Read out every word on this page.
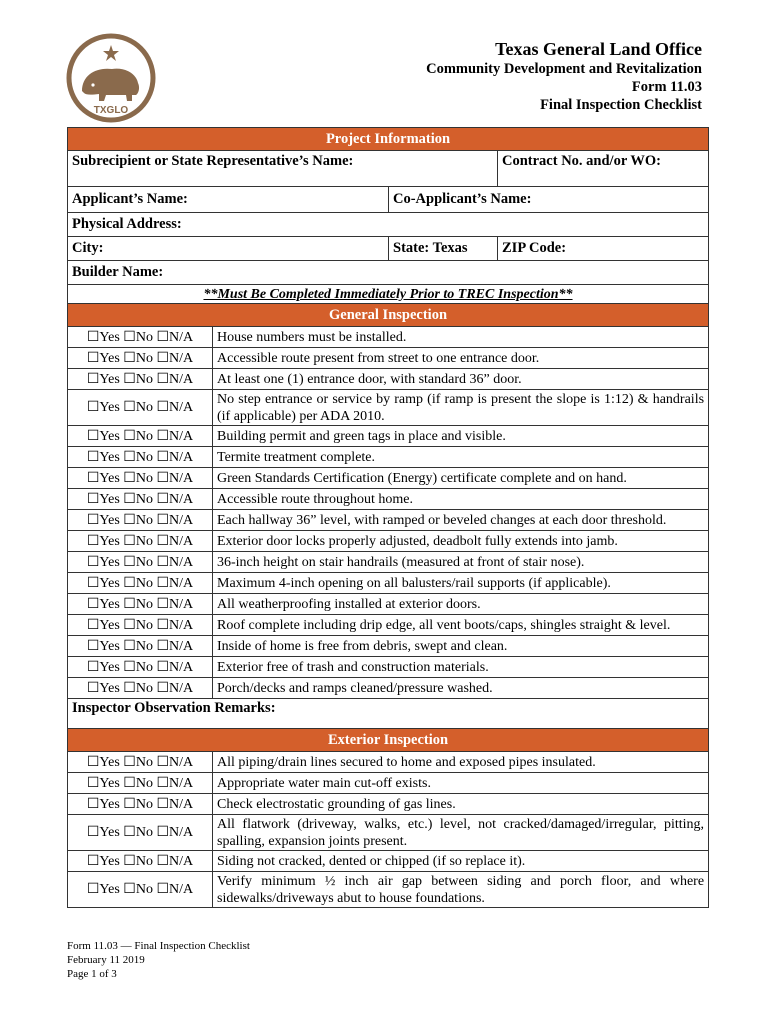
TXGLO
Texas General Land Office
Community Development and Revitalization
Form 11.03
Final Inspection Checklist
Project Information			
Subrecipient or State Representative’s Name:			Contract No. and/or WO:
Applicant’s Name:		Co-Applicant’s Name:	
Physical Address:			
City:		State: Texas	ZIP Code:
Builder Name:			
**Must Be Completed Immediately Prior to TREC Inspection**			
General Inspection			
☐Yes ☐No ☐N/A	House numbers must be installed.		
☐Yes ☐No ☐N/A	Accessible route present from street to one entrance door.		
☐Yes ☐No ☐N/A	At least one (1) entrance door, with standard 36” door.		
☐Yes ☐No ☐N/A	No step entrance or service by ramp (if ramp is present the slope is 1:12) & handrails (if applicable) per ADA 2010.		
☐Yes ☐No ☐N/A	Building permit and green tags in place and visible.		
☐Yes ☐No ☐N/A	Termite treatment complete.		
☐Yes ☐No ☐N/A	Green Standards Certification (Energy) certificate complete and on hand.		
☐Yes ☐No ☐N/A	Accessible route throughout home.		
☐Yes ☐No ☐N/A	Each hallway 36” level, with ramped or beveled changes at each door threshold.		
☐Yes ☐No ☐N/A	Exterior door locks properly adjusted, deadbolt fully extends into jamb.		
☐Yes ☐No ☐N/A	36-inch height on stair handrails (measured at front of stair nose).		
☐Yes ☐No ☐N/A	Maximum 4-inch opening on all balusters/rail supports (if applicable).		
☐Yes ☐No ☐N/A	All weatherproofing installed at exterior doors.		
☐Yes ☐No ☐N/A	Roof complete including drip edge, all vent boots/caps, shingles straight & level.		
☐Yes ☐No ☐N/A	Inside of home is free from debris, swept and clean.		
☐Yes ☐No ☐N/A	Exterior free of trash and construction materials.		
☐Yes ☐No ☐N/A	Porch/decks and ramps cleaned/pressure washed.		
Inspector Observation Remarks:			
Exterior Inspection			
☐Yes ☐No ☐N/A	All piping/drain lines secured to home and exposed pipes insulated.		
☐Yes ☐No ☐N/A	Appropriate water main cut-off exists.		
☐Yes ☐No ☐N/A	Check electrostatic grounding of gas lines.		
☐Yes ☐No ☐N/A	All flatwork (driveway, walks, etc.) level, not cracked/damaged/irregular, pitting, spalling, expansion joints present.		
☐Yes ☐No ☐N/A	Siding not cracked, dented or chipped (if so replace it).		
☐Yes ☐No ☐N/A	Verify minimum ½ inch air gap between siding and porch floor, and where sidewalks/driveways abut to house foundations.		
Form 11.03 — Final Inspection Checklist
February 11 2019
Page 1 of 3
